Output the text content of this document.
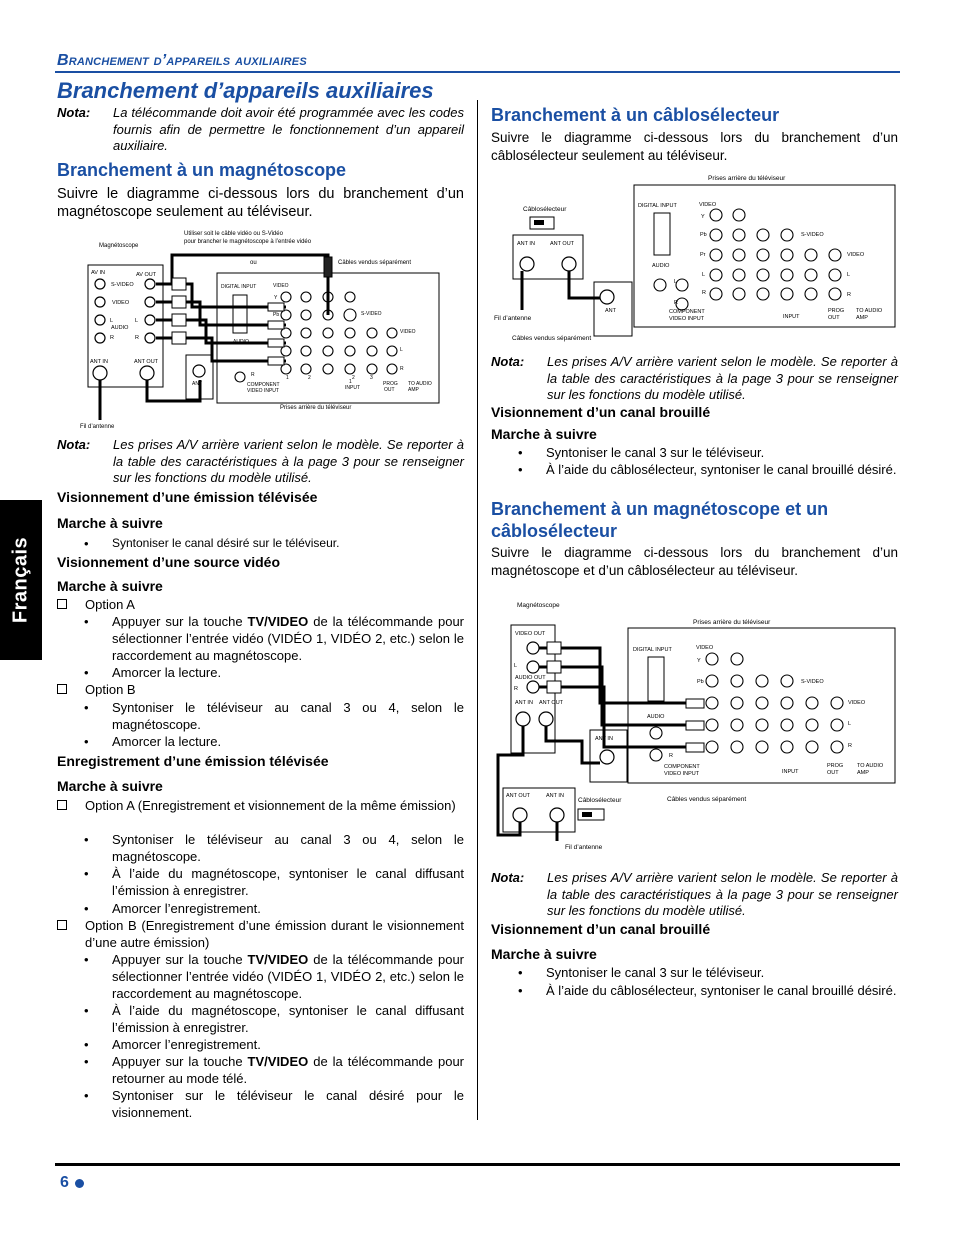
Branchement d’appareils auxiliaires
Branchement d’appareils auxiliaires
Français
Nota: La télécommande doit avoir été programmée avec les codes fournis afin de permettre le fonctionnement d’un appareil auxiliaire.
Branchement à un magnétoscope
Suivre le diagramme ci-dessous lors du branchement d’un magnétoscope seulement au téléviseur.
Magnétoscope
Utiliser soit le câble vidéo ou S-Vidéo
pour brancher le magnétoscope à l’entrée vidéo
ou	Câbles vendus séparément
Prises arrière du téléviseur
Fil d’antenne
AV IN	AV OUT
S-VIDEO
VIDEO
L	L
AUDIO
R	R
ANT IN	ANT OUT
DIGITAL INPUT	VIDEO
Y
Pb	S-VIDEO
VIDEO
AUDIO
L
R
R
COMPONENT
VIDEO INPUT	INPUT
PROG
OUT
TO AUDIO
AMP
1	2
1
2	3
ANT
Nota: Les prises A/V arrière varient selon le modèle. Se reporter à la table des caractéristiques à la page 3 pour se renseigner sur les fonctions du modèle utilisé.
Visionnement d’une émission télévisée
Marche à suivre
• Syntoniser le canal désiré sur le téléviseur.
Visionnement d’une source vidéo
Marche à suivre
Option A
• Appuyer sur la touche TV/VIDEO de la télécommande pour sélectionner l’entrée vidéo (VIDÉO 1, VIDÉO 2, etc.) selon le raccordement au magnétoscope.
• Amorcer la lecture.
Option B
• Syntoniser le téléviseur au canal 3 ou 4, selon le magnétoscope.
• Amorcer la lecture.
Enregistrement d’une émission télévisée
Marche à suivre
Option A (Enregistrement et visionnement de la même émission)
• Syntoniser le téléviseur au canal 3 ou 4, selon le magnétoscope.
• À l’aide du magnétoscope, syntoniser le canal diffusant l’émission à enregistrer.
• Amorcer l’enregistrement.
Option B (Enregistrement d’une émission durant le visionnement d’une autre émission)
• Appuyer sur la touche TV/VIDEO de la télécommande pour sélectionner l’entrée vidéo (VIDÉO 1, VIDÉO 2, etc.) selon le raccordement au magnétoscope.
• À l’aide du magnétoscope, syntoniser le canal diffusant l’émission à enregistrer.
• Amorcer l’enregistrement.
• Appuyer sur la touche TV/VIDEO de la télécommande pour retourner au mode télé.
• Syntoniser sur le téléviseur le canal désiré pour le visionnement.
Branchement à un câblosélecteur
Suivre le diagramme ci-dessous lors du branchement d’un câblosélecteur seulement au téléviseur.
Prises arrière du téléviseur
Câblosélecteur
Fil d’antenne
Câbles vendus séparément
ANT IN	ANT OUT
ANT
DIGITAL INPUT	VIDEO
Y
Pb
Pr
S-VIDEO
VIDEO
AUDIO
L
R
L
R
L
R
COMPONENT
VIDEO INPUT	INPUT
PROG
OUT
TO AUDIO
AMP
Nota: Les prises A/V arrière varient selon le modèle. Se reporter à la table des caractéristiques à la page 3 pour se renseigner sur les fonctions du modèle utilisé.
Visionnement d’un canal brouillé
Marche à suivre
• Syntoniser le canal 3 sur le téléviseur.
• À l’aide du câblosélecteur, syntoniser le canal brouillé désiré.
Branchement à un magnétoscope et un câblosélecteur
Suivre le diagramme ci-dessous lors du branchement d’un magnétoscope et d’un câblosélecteur au téléviseur.
Magnétoscope
Prises arrière du téléviseur
Câbles vendus séparément
Câblosélecteur
Fil d’antenne
VIDEO OUT
L
AUDIO OUT
R
ANT IN ANT OUT
DIGITAL INPUT	VIDEO
Y
Pb	S-VIDEO
VIDEO
AUDIO
L
R
R
COMPONENT
VIDEO INPUT	INPUT
PROG
OUT
TO AUDIO
AMP
ANT IN
ANT OUT	ANT IN
Nota: Les prises A/V arrière varient selon le modèle. Se reporter à la table des caractéristiques à la page 3 pour se renseigner sur les fonctions du modèle utilisé.
Visionnement d’un canal brouillé
Marche à suivre
• Syntoniser le canal 3 sur le téléviseur.
• À l’aide du câblosélecteur, syntoniser le canal brouillé désiré.
6
